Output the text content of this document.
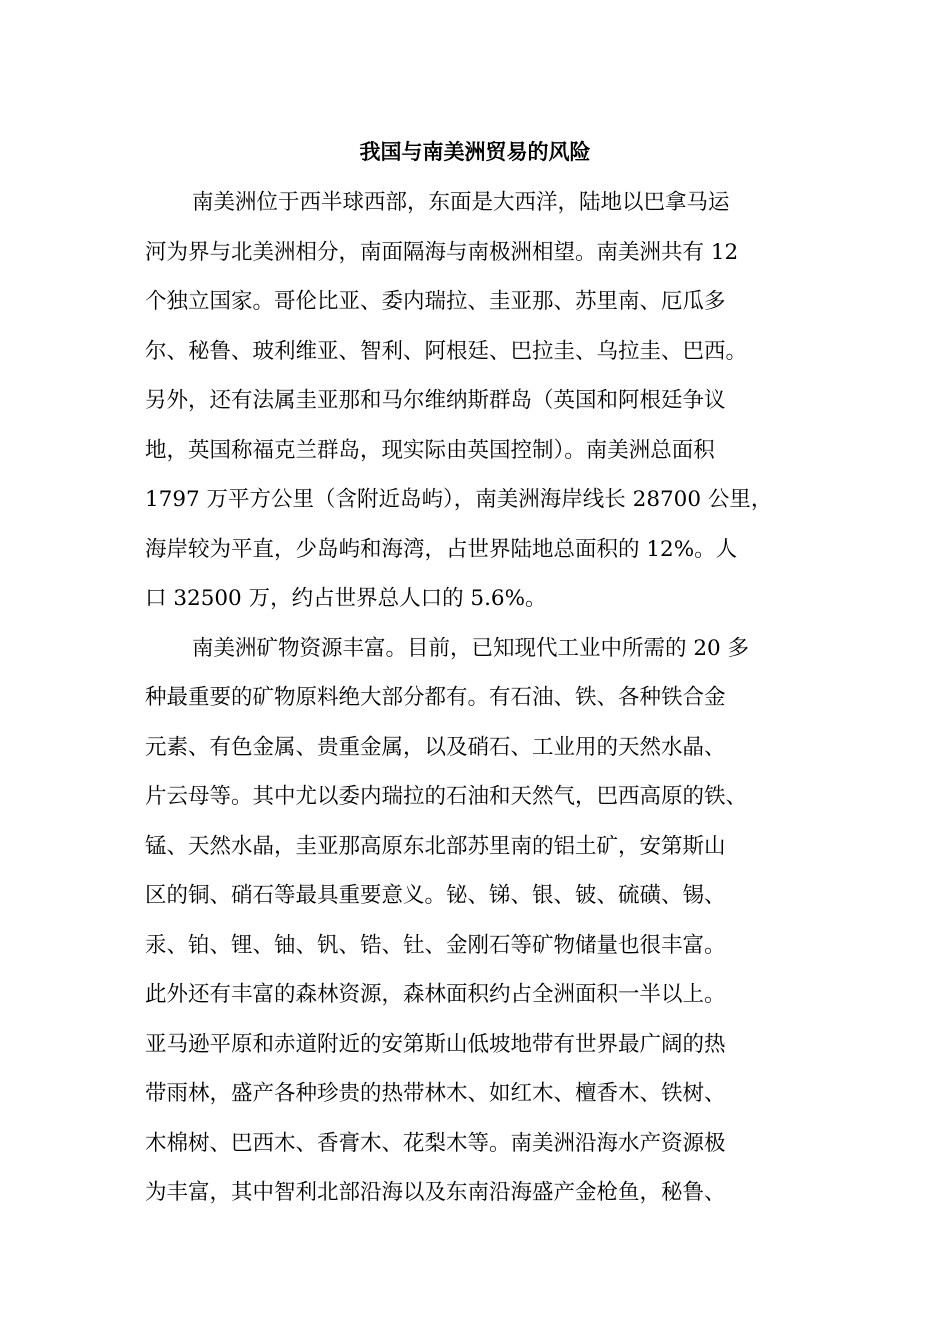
我国与南美洲贸易的风险
南美洲位于西半球西部，东面是大西洋，陆地以巴拿马运
河为界与北美洲相分，南面隔海与南极洲相望。南美洲共有 12
个独立国家。哥伦比亚、委内瑞拉、圭亚那、苏里南、厄瓜多
尔、秘鲁、玻利维亚、智利、阿根廷、巴拉圭、乌拉圭、巴西。
另外，还有法属圭亚那和马尔维纳斯群岛（英国和阿根廷争议
地，英国称福克兰群岛，现实际由英国控制）。南美洲总面积
1797 万平方公里（含附近岛屿），南美洲海岸线长 28700 公里，
海岸较为平直，少岛屿和海湾，占世界陆地总面积的 12%。人
口 32500 万，约占世界总人口的 5.6%。
南美洲矿物资源丰富。目前，已知现代工业中所需的 20 多
种最重要的矿物原料绝大部分都有。有石油、铁、各种铁合金
元素、有色金属、贵重金属，以及硝石、工业用的天然水晶、
片云母等。其中尤以委内瑞拉的石油和天然气，巴西高原的铁、
锰、天然水晶，圭亚那高原东北部苏里南的铝土矿，安第斯山
区的铜、硝石等最具重要意义。铋、锑、银、铍、硫磺、锡、
汞、铂、锂、铀、钒、锆、钍、金刚石等矿物储量也很丰富。
此外还有丰富的森林资源，森林面积约占全洲面积一半以上。
亚马逊平原和赤道附近的安第斯山低坡地带有世界最广阔的热
带雨林，盛产各种珍贵的热带林木、如红木、檀香木、铁树、
木棉树、巴西木、香膏木、花梨木等。南美洲沿海水产资源极
为丰富，其中智利北部沿海以及东南沿海盛产金枪鱼，秘鲁、
